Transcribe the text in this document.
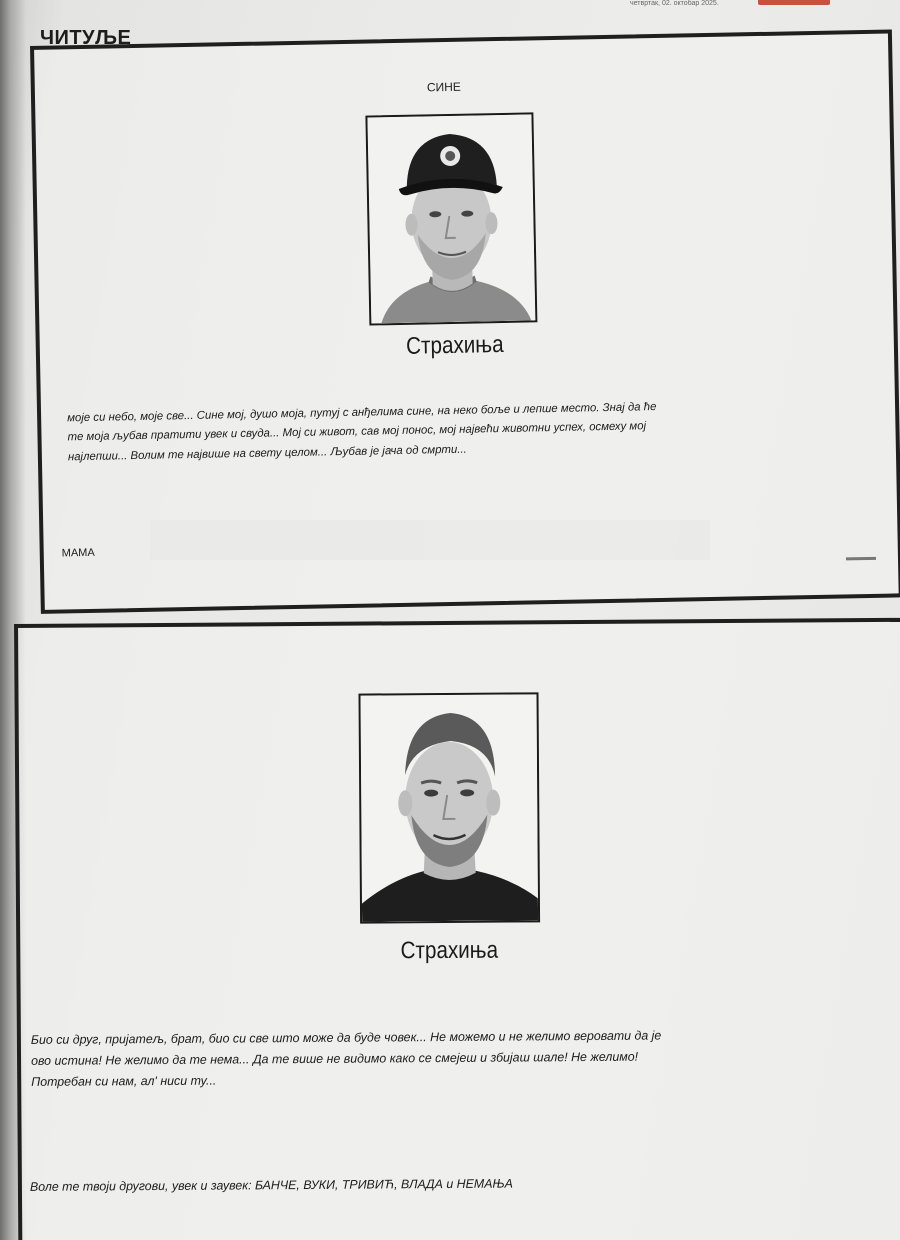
четвртак, 02. октобар 2025.
ЧИТУЉЕ
СИНЕ
Страхиња
моје си небо, моје све... Сине мој, душо моја, путуј с анђелима сине, на неко боље и лепше место. Знај да ће
те моја љубав пратити увек и свуда... Мој си живот, сав мој понос, мој највећи животни успех, осмеху мој
најлепши... Волим те највише на свету целом... Љубав је јача од смрти...
МАМА
Страхиња
Био си друг, пријатељ, брат, био си све што може да буде човек... Не можемо и не желимо веровати да је
ово истина! Не желимо да те нема... Да те више не видимо како се смејеш и збијаш шале! Не желимо!
Потребан си нам, ал' ниси ту...
Воле те твоји другови, увек и заувек: БАНЧЕ, ВУКИ, ТРИВИЋ, ВЛАДА и НЕМАЊА
